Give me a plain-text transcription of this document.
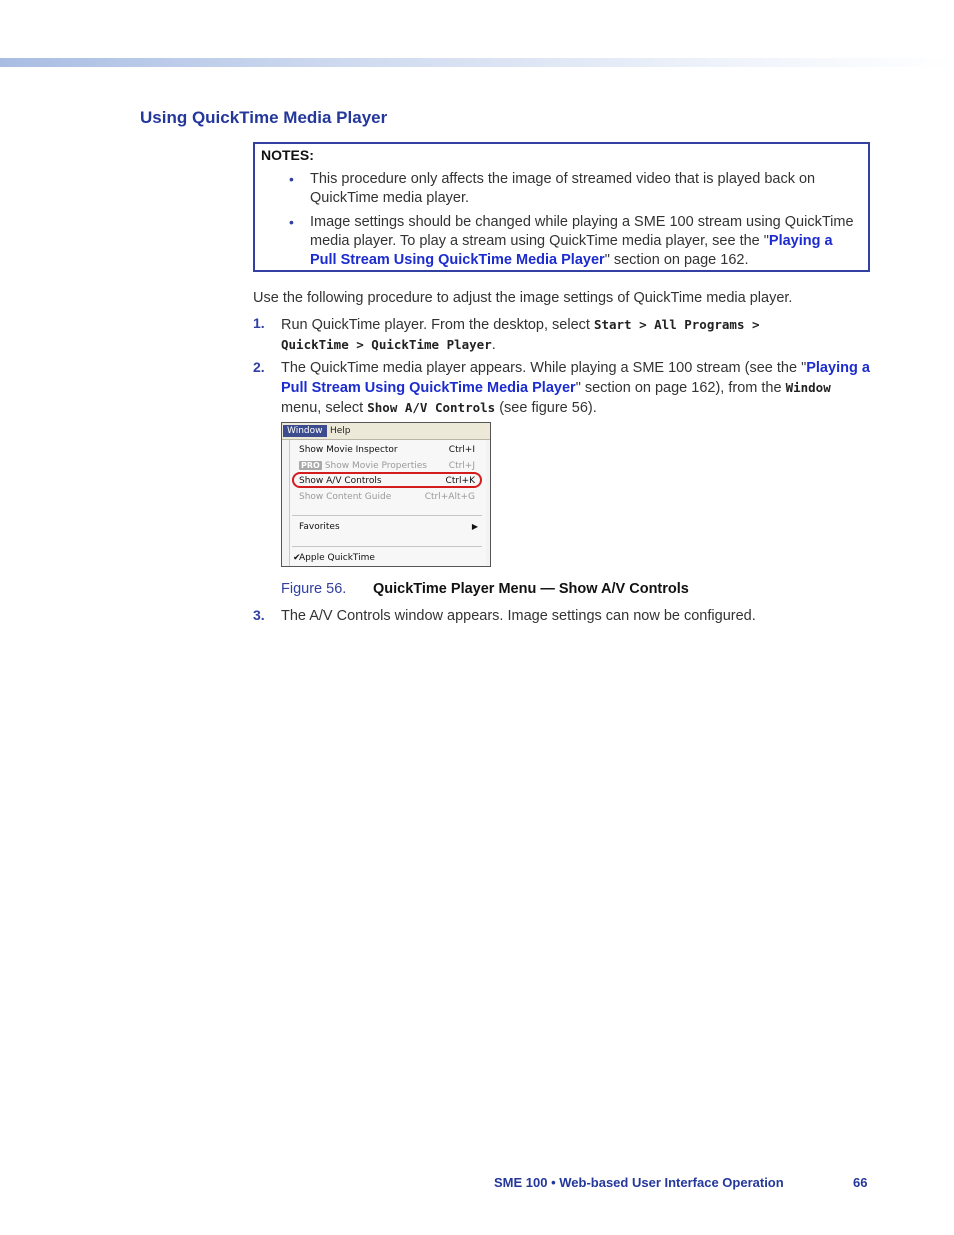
Using QuickTime Media Player
NOTES:
• This procedure only affects the image of streamed video that is played back on QuickTime media player.
• Image settings should be changed while playing a SME 100 stream using QuickTime media player. To play a stream using QuickTime media player, see the "Playing a Pull Stream Using QuickTime Media Player" section on page 162.
Use the following procedure to adjust the image settings of QuickTime media player.
1. Run QuickTime player. From the desktop, select Start > All Programs > QuickTime > QuickTime Player.
2. The QuickTime media player appears. While playing a SME 100 stream (see the "Playing a Pull Stream Using QuickTime Media Player" section on page 162), from the Window menu, select Show A/V Controls (see figure 56).
Window Help
Show Movie Inspector	Ctrl+I
PRO Show Movie Properties Ctrl+J
Show A/V Controls	Ctrl+K
Show Content Guide	Ctrl+Alt+G
Favorites	▶
✔
Apple QuickTime
Figure 56. QuickTime Player Menu — Show A/V Controls
3. The A/V Controls window appears. Image settings can now be configured.
SME 100 • Web-based User Interface Operation	66
